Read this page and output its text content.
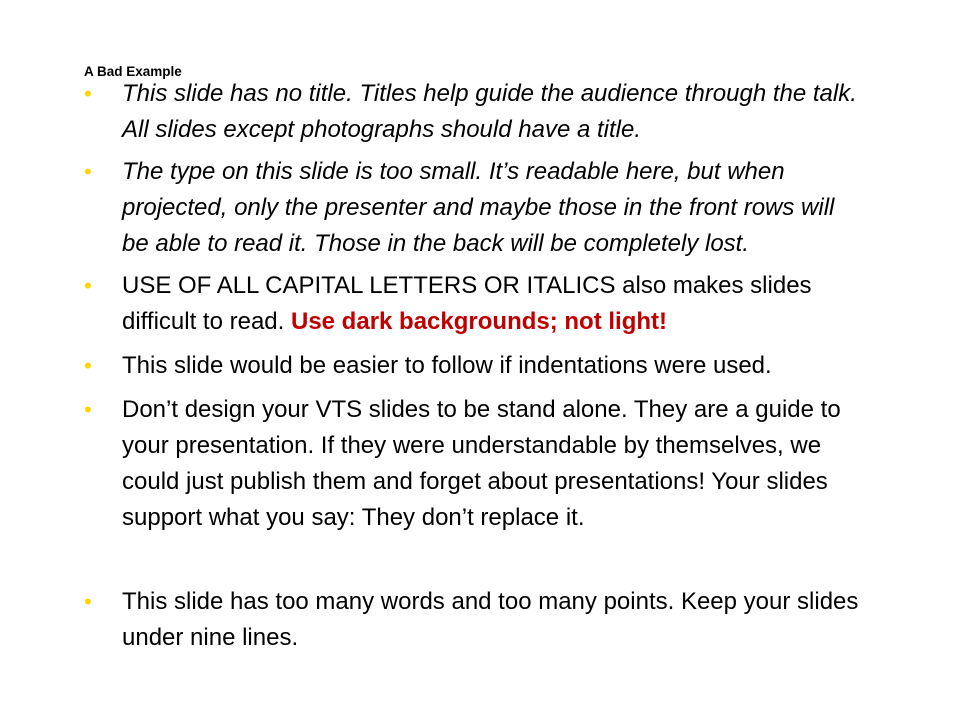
A Bad Example
•	This slide has no title. Titles help guide the audience through the talk. All slides except photographs should have a title.
•	The type on this slide is too small. It’s readable here, but when projected, only the presenter and maybe those in the front rows will be able to read it. Those in the back will be completely lost.
•	USE OF ALL CAPITAL LETTERS OR ITALICS also makes slides difficult to read. Use dark backgrounds; not light!
•	This slide would be easier to follow if indentations were used.
•	Don’t design your VTS slides to be stand alone. They are a guide to your presentation. If they were understandable by themselves, we could just publish them and forget about presentations! Your slides support what you say: They don’t replace it.
•	This slide has too many words and too many points. Keep your slides under nine lines.
